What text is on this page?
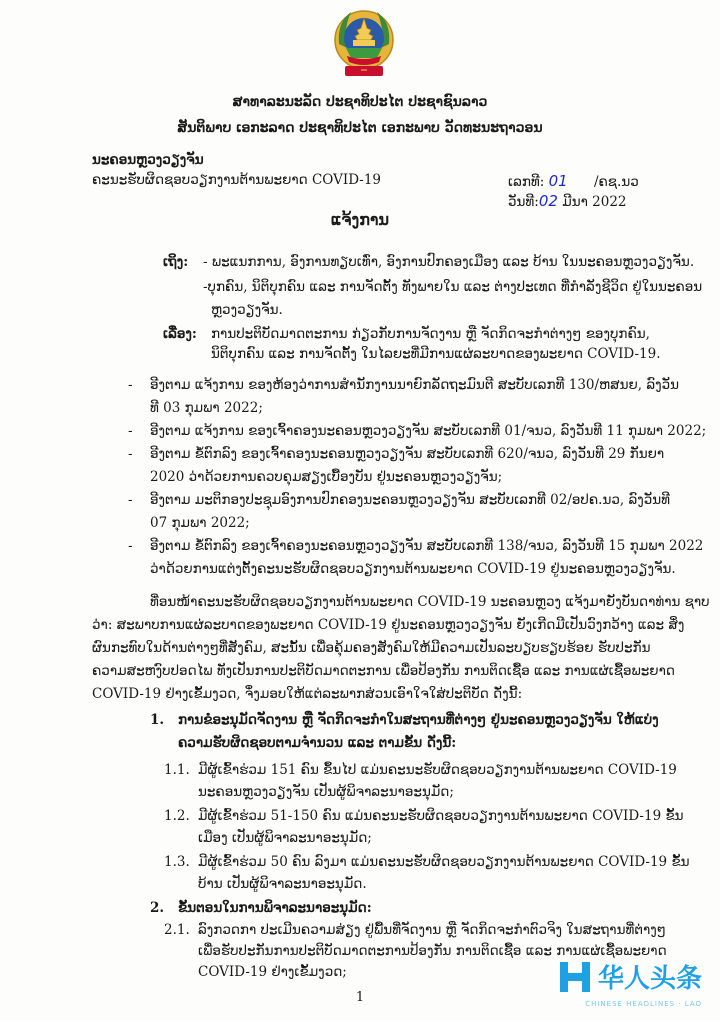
ສາທາລະນະລັດ ປະຊາທິປະໄຕ ປະຊາຊົນລາວ
ສັນຕິພາບ ເອກະລາດ ປະຊາທິປະໄຕ ເອກະພາບ ວັດທະນະຖາວອນ
ນະຄອນຫຼວງວຽງຈັນ
ຄະນະຮັບຜິດຊອບວຽກງານຕ້ານພະຍາດ COVID-19	ເລກທີ: 01 /ຄຊ.ນວ
ວັນທີ:02 ມີນາ 2022
ແຈ້ງການ
ເຖິງ: - ພະແນກການ, ອົງການທຽບເທົ່າ, ອົງການປົກຄອງເມືອງ ແລະ ບ້ານ ໃນນະຄອນຫຼວງວຽງຈັນ.
-ບຸກຄົນ, ນິຕິບຸກຄົນ ແລະ ການຈັດຕັ້ງ ທັງພາຍໃນ ແລະ ຕ່າງປະເທດ ທີ່ກຳລັງຊີວິດ ຢູ່ໃນນະຄອນ
ຫຼວງວຽງຈັນ.
ເລື່ອງ: ການປະຕິບັດມາດຕະການ ກ່ຽວກັບການຈັດງານ ຫຼື ຈັດກິດຈະກຳຕ່າງໆ ຂອງບຸກຄົນ,
ນິຕິບຸກຄົນ ແລະ ການຈັດຕັ້ງ ໃນໄລຍະທີ່ມີການແຜ່ລະບາດຂອງພະຍາດ COVID-19.
- ອີງຕາມ ແຈ້ງການ ຂອງຫ້ອງວ່າການສຳນັກງານນາຍົກລັດຖະມົນຕີ ສະບັບເລກທີ 130/ຫສນຍ, ລົງວັນ
ທີ 03 ກຸມພາ 2022;
- ອີງຕາມ ແຈ້ງການ ຂອງເຈົ້າຄອງນະຄອນຫຼວງວຽງຈັນ ສະບັບເລກທີ 01/ຈນວ, ລົງວັນທີ 11 ກຸມພາ 2022;
- ອີງຕາມ ຂໍ້ຕົກລົງ ຂອງເຈົ້າຄອງນະຄອນຫຼວງວຽງຈັນ ສະບັບເລກທີ 620/ຈນວ, ລົງວັນທີ 29 ກັນຍາ
2020 ວ່າດ້ວຍການຄວບຄຸມສຽງເບື້ອງບັນ ຢູ່ນະຄອນຫຼວງວຽງຈັນ;
- ອີງຕາມ ມະຕິກອງປະຊຸມອົງການປົກຄອງນະຄອນຫຼວງວຽງຈັນ ສະບັບເລກທີ 02/ອປຄ.ນວ, ລົງວັນທີ
07 ກຸມພາ 2022;
- ອີງຕາມ ຂໍ້ຕົກລົງ ຂອງເຈົ້າຄອງນະຄອນຫຼວງວຽງຈັນ ສະບັບເລກທີ 138/ຈນວ, ລົງວັນທີ 15 ກຸມພາ 2022
ວ່າດ້ວຍການແຕ່ງຕັ້ງຄະນະຮັບຜິດຊອບວຽກງານຕ້ານພະຍາດ COVID-19 ຢູ່ນະຄອນຫຼວງວຽງຈັນ.
ທີ່ອນໜ້າຄະນະຮັບຜິດຊອບວຽກງານຕ້ານພະຍາດ COVID-19 ນະຄອນຫຼວງ ແຈ້ງມາຍັງບັນດາທ່ານ ຊາບ
ວ່າ: ສະພາບການແຜ່ລະບາດຂອງພະຍາດ COVID-19 ຢູ່ນະຄອນຫຼວງວຽງຈັນ ຍັງເກີດມີເປັນວົງກວ້າງ ແລະ ສິ່ງ
ຜົນກະທົບໃນດ້ານຕ່າງໆທີ່ສັງຄົມ, ສະນັ້ນ ເພື່ອຄຸ້ມຄອງສັງຄົມໃຫ້ມີຄວາມເປັນລະບຽບຮຽບຮ້ອຍ ຮັບປະກັນ
ຄວາມສະຫງົບປອດໄພ ທັງເປັນການປະຕິບັດມາດຕະການ ເພື່ອປ້ອງກັນ ການຕິດເຊື້ອ ແລະ ການແຜ່ເຊື້ອພະຍາດ
COVID-19 ຢ່າງເຂັ້ມງວດ, ຈຶ່ງມອບໃຫ້ແຕ່ລະພາກສ່ວນເອົາໃຈໃສ່ປະຕິບັດ ດັ່ງນີ້:
1. ການຂໍອະນຸມັດຈັດງານ ຫຼື ຈັດກິດຈະກຳໃນສະຖານທີ່ຕ່າງໆ ຢູ່ນະຄອນຫຼວງວຽງຈັນ ໃຫ້ແບ່ງ
ຄວາມຮັບຜິດຊອບຕາມຈຳນວນ ແລະ ຕາມຂັ້ນ ດັ່ງນີ້:
1.1. ມີຜູ້ເຂົ້າຮ່ວມ 151 ຄົນ ຂຶ້ນໄປ ແມ່ນຄະນະຮັບຜິດຊອບວຽກງານຕ້ານພະຍາດ COVID-19
ນະຄອນຫຼວງວຽງຈັນ ເປັນຜູ້ພິຈາລະນາອະນຸມັດ;
1.2. ມີຜູ້ເຂົ້າຮ່ວມ 51-150 ຄົນ ແມ່ນຄະນະຮັບຜິດຊອບວຽກງານຕ້ານພະຍາດ COVID-19 ຂັ້ນ
ເມືອງ ເປັນຜູ້ພິຈາລະນາອະນຸມັດ;
1.3. ມີຜູ້ເຂົ້າຮ່ວມ 50 ຄົນ ລົງມາ ແມ່ນຄະນະຮັບຜິດຊອບວຽກງານຕ້ານພະຍາດ COVID-19 ຂັ້ນ
ບ້ານ ເປັນຜູ້ພິຈາລະນາອະນຸມັດ.
2. ຂັ້ນຕອນໃນການພິຈາລະນາອະນຸມັດ:
2.1. ລົງກວດກາ ປະເມີນຄວາມສ່ຽງ ຢູ່ພື້ນທີ່ຈັດງານ ຫຼື ຈັດກິດຈະກຳຕົວຈິງ ໃນສະຖານທີ່ຕ່າງໆ
ເພື່ອຮັບປະກັນການປະຕິບັດມາດຕະການປ້ອງກັນ ການຕິດເຊື້ອ ແລະ ການແຜ່ເຊື້ອພະຍາດ
COVID-19 ຢ່າງເຂັ້ມງວດ;
1
华人头条
CHINESE HEADLINES · LAO
